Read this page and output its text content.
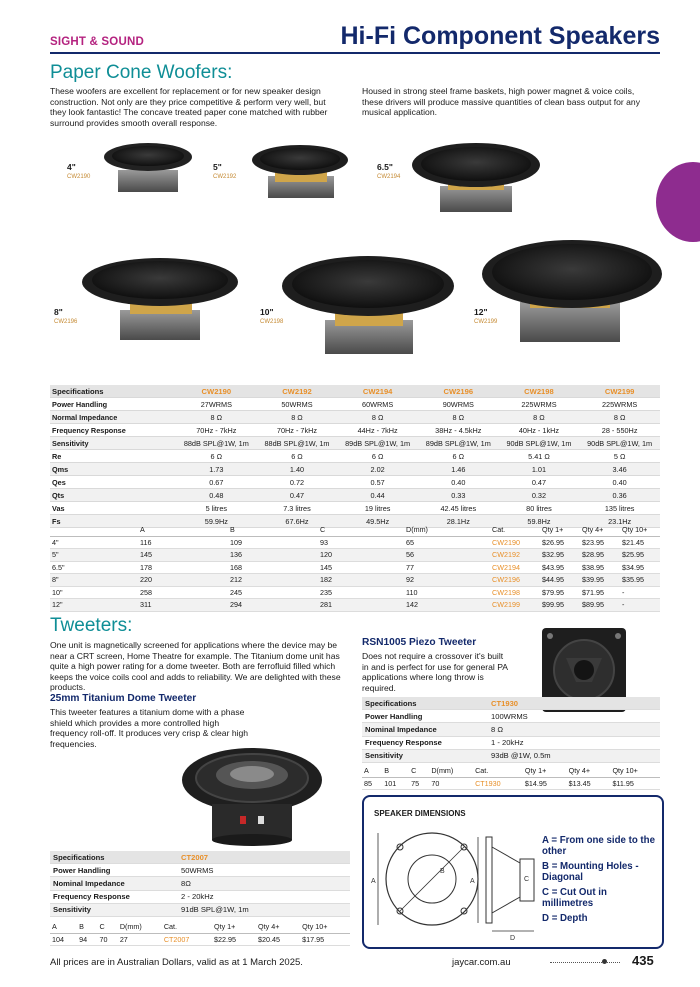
SIGHT & SOUND	Hi-Fi Component Speakers
Paper Cone Woofers:
These woofers are excellent for replacement or for new speaker design construction. Not only are they price competitive & perform very well, but they look fantastic! The concave treated paper cone matched with rubber surround provides smooth overall response.
Housed in strong steel frame baskets, high power magnet & voice coils, these drivers will produce massive quantities of clean bass output for any musical application.
4"
CW2190
5"
CW2192
6.5"
CW2194
8"
CW2196
10"
CW2198
12"
CW2199
Specifications	CW2190	CW2192	CW2194	CW2196	CW2198	CW2199
Power Handling	27WRMS	50WRMS	60WRMS	90WRMS	225WRMS	225WRMS
Normal Impedance	8 Ω	8 Ω	8 Ω	8 Ω	8 Ω	8 Ω
Frequency Response	70Hz - 7kHz	70Hz - 7kHz	44Hz - 7kHz	38Hz - 4.5kHz	40Hz - 1kHz	28 - 550Hz
Sensitivity	88dB SPL@1W, 1m	88dB SPL@1W, 1m	89dB SPL@1W, 1m	89dB SPL@1W, 1m	90dB SPL@1W, 1m	90dB SPL@1W, 1m
Re	6 Ω	6 Ω	6 Ω	6 Ω	5.41 Ω	5 Ω
Qms	1.73	1.40	2.02	1.46	1.01	3.46
Qes	0.67	0.72	0.57	0.40	0.47	0.40
Qts	0.48	0.47	0.44	0.33	0.32	0.36
Vas	5 litres	7.3 litres	19 litres	42.45 litres	80 litres	135 litres
Fs	59.9Hz	67.6Hz	49.5Hz	28.1Hz	59.8Hz	23.1Hz
	A	B	C	D(mm)	Cat.	Qty 1+	Qty 4+	Qty 10+
4"	116	109	93	65	CW2190	$26.95	$23.95	$21.45
5"	145	136	120	56	CW2192	$32.95	$28.95	$25.95
6.5"	178	168	145	77	CW2194	$43.95	$38.95	$34.95
8"	220	212	182	92	CW2196	$44.95	$39.95	$35.95
10"	258	245	235	110	CW2198	$79.95	$71.95	-
12"	311	294	281	142	CW2199	$99.95	$89.95	-
Tweeters:
One unit is magnetically screened for applications where the device may be near a CRT screen, Home Theatre for example. The Titanium dome unit has quite a high power rating for a dome tweeter. Both are ferrofluid filled which keeps the voice coils cool and adds to reliability. We are delighted with these products.
25mm Titanium Dome Tweeter
This tweeter features a titanium dome with a phase shield which provides a more controlled high frequency roll-off. It produces very crisp & clear high frequencies.
Specifications	CT2007
Power Handling	50WRMS
Nominal Impedance	8Ω
Frequency Response	2 - 20kHz
Sensitivity	91dB SPL@1W, 1m
A	B	C	D(mm)	Cat.	Qty 1+	Qty 4+	Qty 10+
104	94	70	27	CT2007	$22.95	$20.45	$17.95
RSN1005 Piezo Tweeter
Does not require a crossover it's built in and is perfect for use for general PA applications where long throw is required.
Specifications	CT1930
Power Handling	100WRMS
Nominal Impedance	8 Ω
Frequency Response	1 - 20kHz
Sensitivity	93dB @1W, 0.5m
A	B	C	D(mm)	Cat.	Qty 1+	Qty 4+	Qty 10+
85	101	75	70	CT1930	$14.95	$13.45	$11.95
SPEAKER DIMENSIONS
A
B
A	C
D
A = From one side to the other
B = Mounting Holes - Diagonal
C = Cut Out in millimetres
D = Depth
All prices are in Australian Dollars, valid as at 1 March 2025.	jaycar.com.au	435
